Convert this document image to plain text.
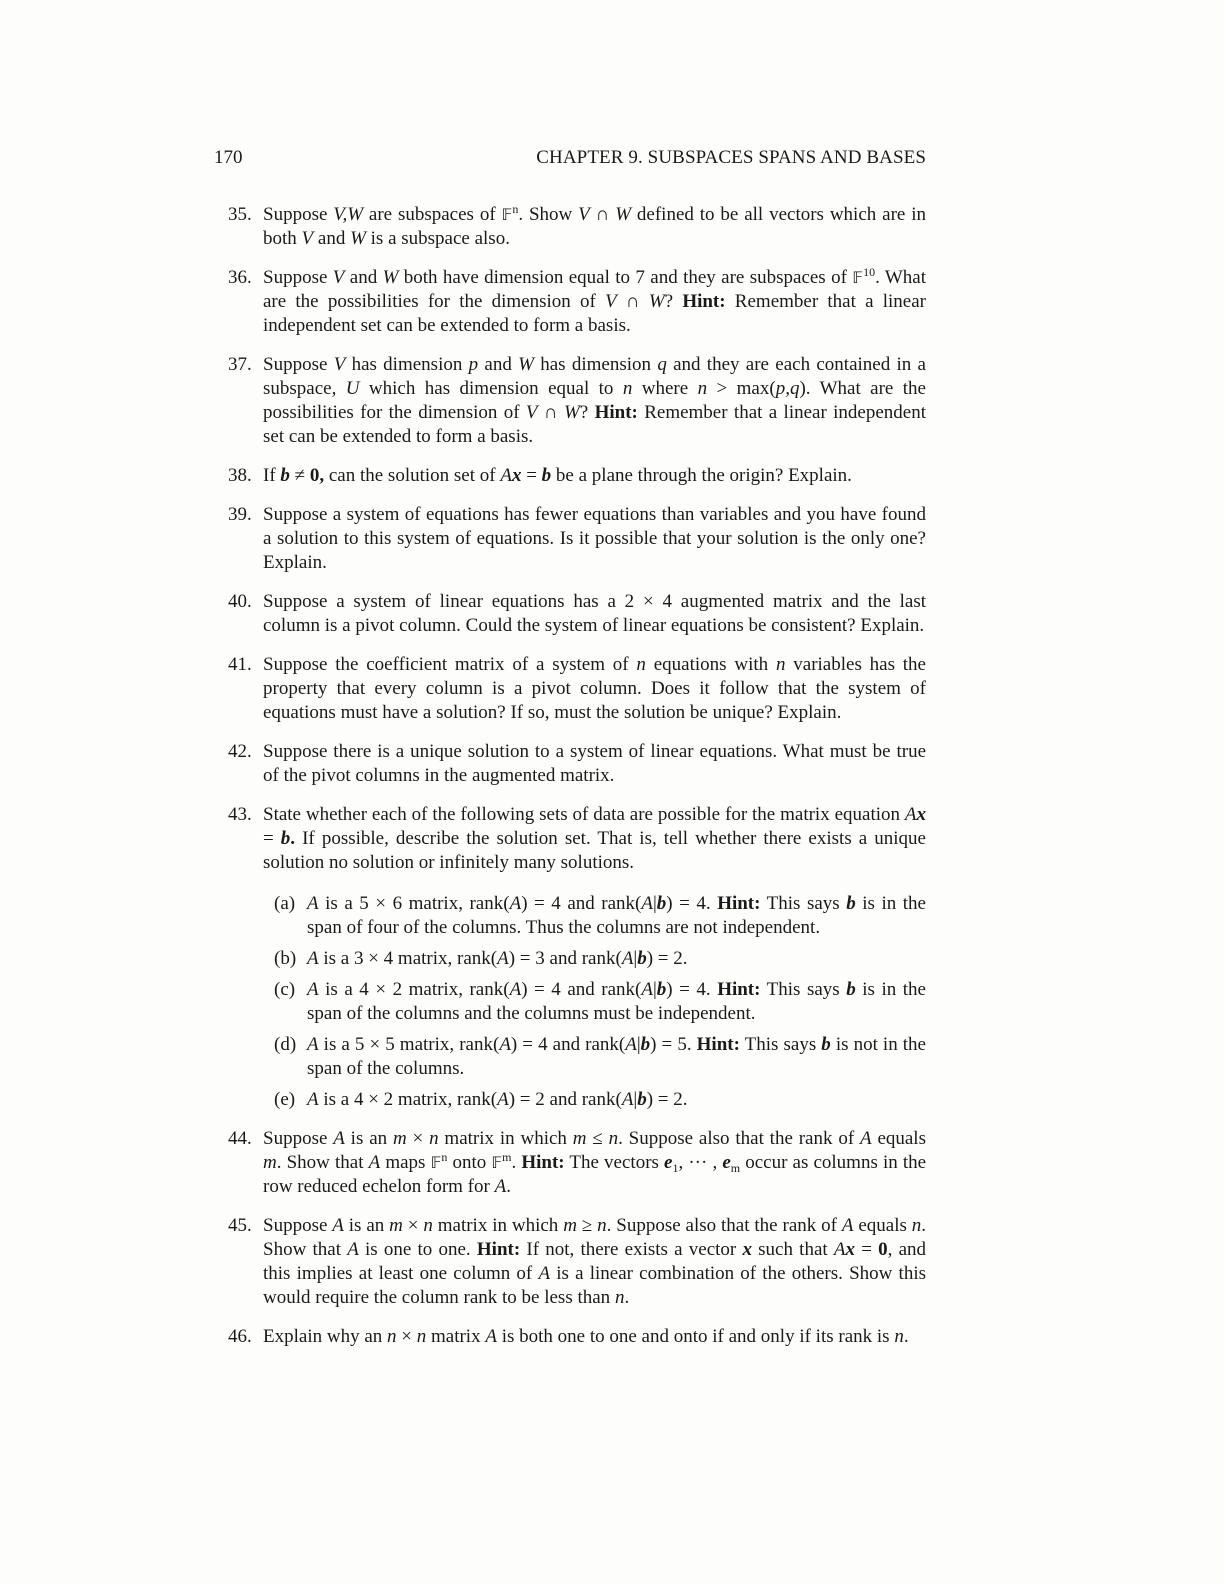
170	CHAPTER 9. SUBSPACES SPANS AND BASES
35. Suppose V,W are subspaces of 𝔽$^n$. Show V ∩ W defined to be all vectors which are in both V and W is a subspace also.
36. Suppose V and W both have dimension equal to 7 and they are subspaces of 𝔽$^{10}$. What are the possibilities for the dimension of V ∩ W? Hint: Remember that a linear independent set can be extended to form a basis.
37. Suppose V has dimension p and W has dimension q and they are each contained in a subspace, U which has dimension equal to n where n > max(p,q). What are the possibilities for the dimension of V ∩ W? Hint: Remember that a linear independent set can be extended to form a basis.
38. If b ≠ 0, can the solution set of Ax = b be a plane through the origin? Explain.
39. Suppose a system of equations has fewer equations than variables and you have found a solution to this system of equations. Is it possible that your solution is the only one? Explain.
40. Suppose a system of linear equations has a 2 × 4 augmented matrix and the last column is a pivot column. Could the system of linear equations be consistent? Explain.
41. Suppose the coefficient matrix of a system of n equations with n variables has the property that every column is a pivot column. Does it follow that the system of equations must have a solution? If so, must the solution be unique? Explain.
42. Suppose there is a unique solution to a system of linear equations. What must be true of the pivot columns in the augmented matrix.
43. State whether each of the following sets of data are possible for the matrix equation Ax = b. If possible, describe the solution set. That is, tell whether there exists a unique solution no solution or infinitely many solutions.
(a) A is a 5 × 6 matrix, rank(A) = 4 and rank(A|b) = 4. Hint: This says b is in the span of four of the columns. Thus the columns are not independent.
(b) A is a 3 × 4 matrix, rank(A) = 3 and rank(A|b) = 2.
(c) A is a 4 × 2 matrix, rank(A) = 4 and rank(A|b) = 4. Hint: This says b is in the span of the columns and the columns must be independent.
(d) A is a 5 × 5 matrix, rank(A) = 4 and rank(A|b) = 5. Hint: This says b is not in the span of the columns.
(e) A is a 4 × 2 matrix, rank(A) = 2 and rank(A|b) = 2.
44. Suppose A is an m × n matrix in which m ≤ n. Suppose also that the rank of A equals m. Show that A maps 𝔽$^n$ onto 𝔽$^m$. Hint: The vectors $e_1$, ··· , $e_m$ occur as columns in the row reduced echelon form for A.
45. Suppose A is an m × n matrix in which m ≥ n. Suppose also that the rank of A equals n. Show that A is one to one. Hint: If not, there exists a vector x such that Ax = 0, and this implies at least one column of A is a linear combination of the others. Show this would require the column rank to be less than n.
46. Explain why an n × n matrix A is both one to one and onto if and only if its rank is n.
